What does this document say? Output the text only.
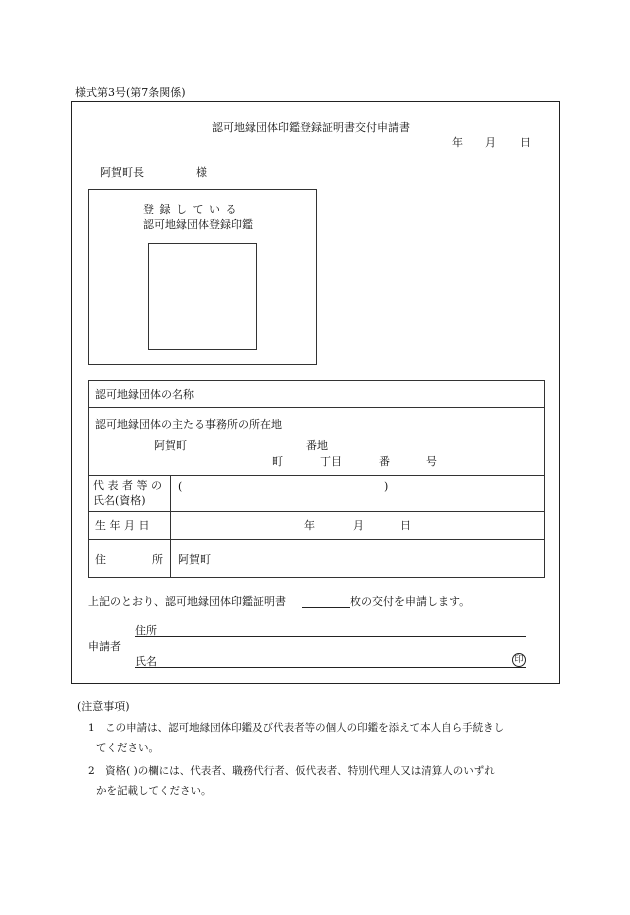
様式第3号(第7条関係)
認可地縁団体印鑑登録証明書交付申請書
年 月 日
阿賀町長	様
登 録 し て い る
認可地縁団体登録印鑑
認可地縁団体の名称
認可地縁団体の主たる事務所の所在地
阿賀町	番地
町	丁目	番	号
代 表 者 等 の
氏名(資格)
(	)
生 年 月 日	年	月	日
住	所 阿賀町
上記のとおり、認可地縁団体印鑑証明書	枚の交付を申請します。
申請者
住所
氏名	印
(注意事項)
1　この申請は、認可地縁団体印鑑及び代表者等の個人の印鑑を添えて本人自ら手続きし
てください。
2　資格( )の欄には、代表者、職務代行者、仮代表者、特別代理人又は清算人のいずれ
かを記載してください。
